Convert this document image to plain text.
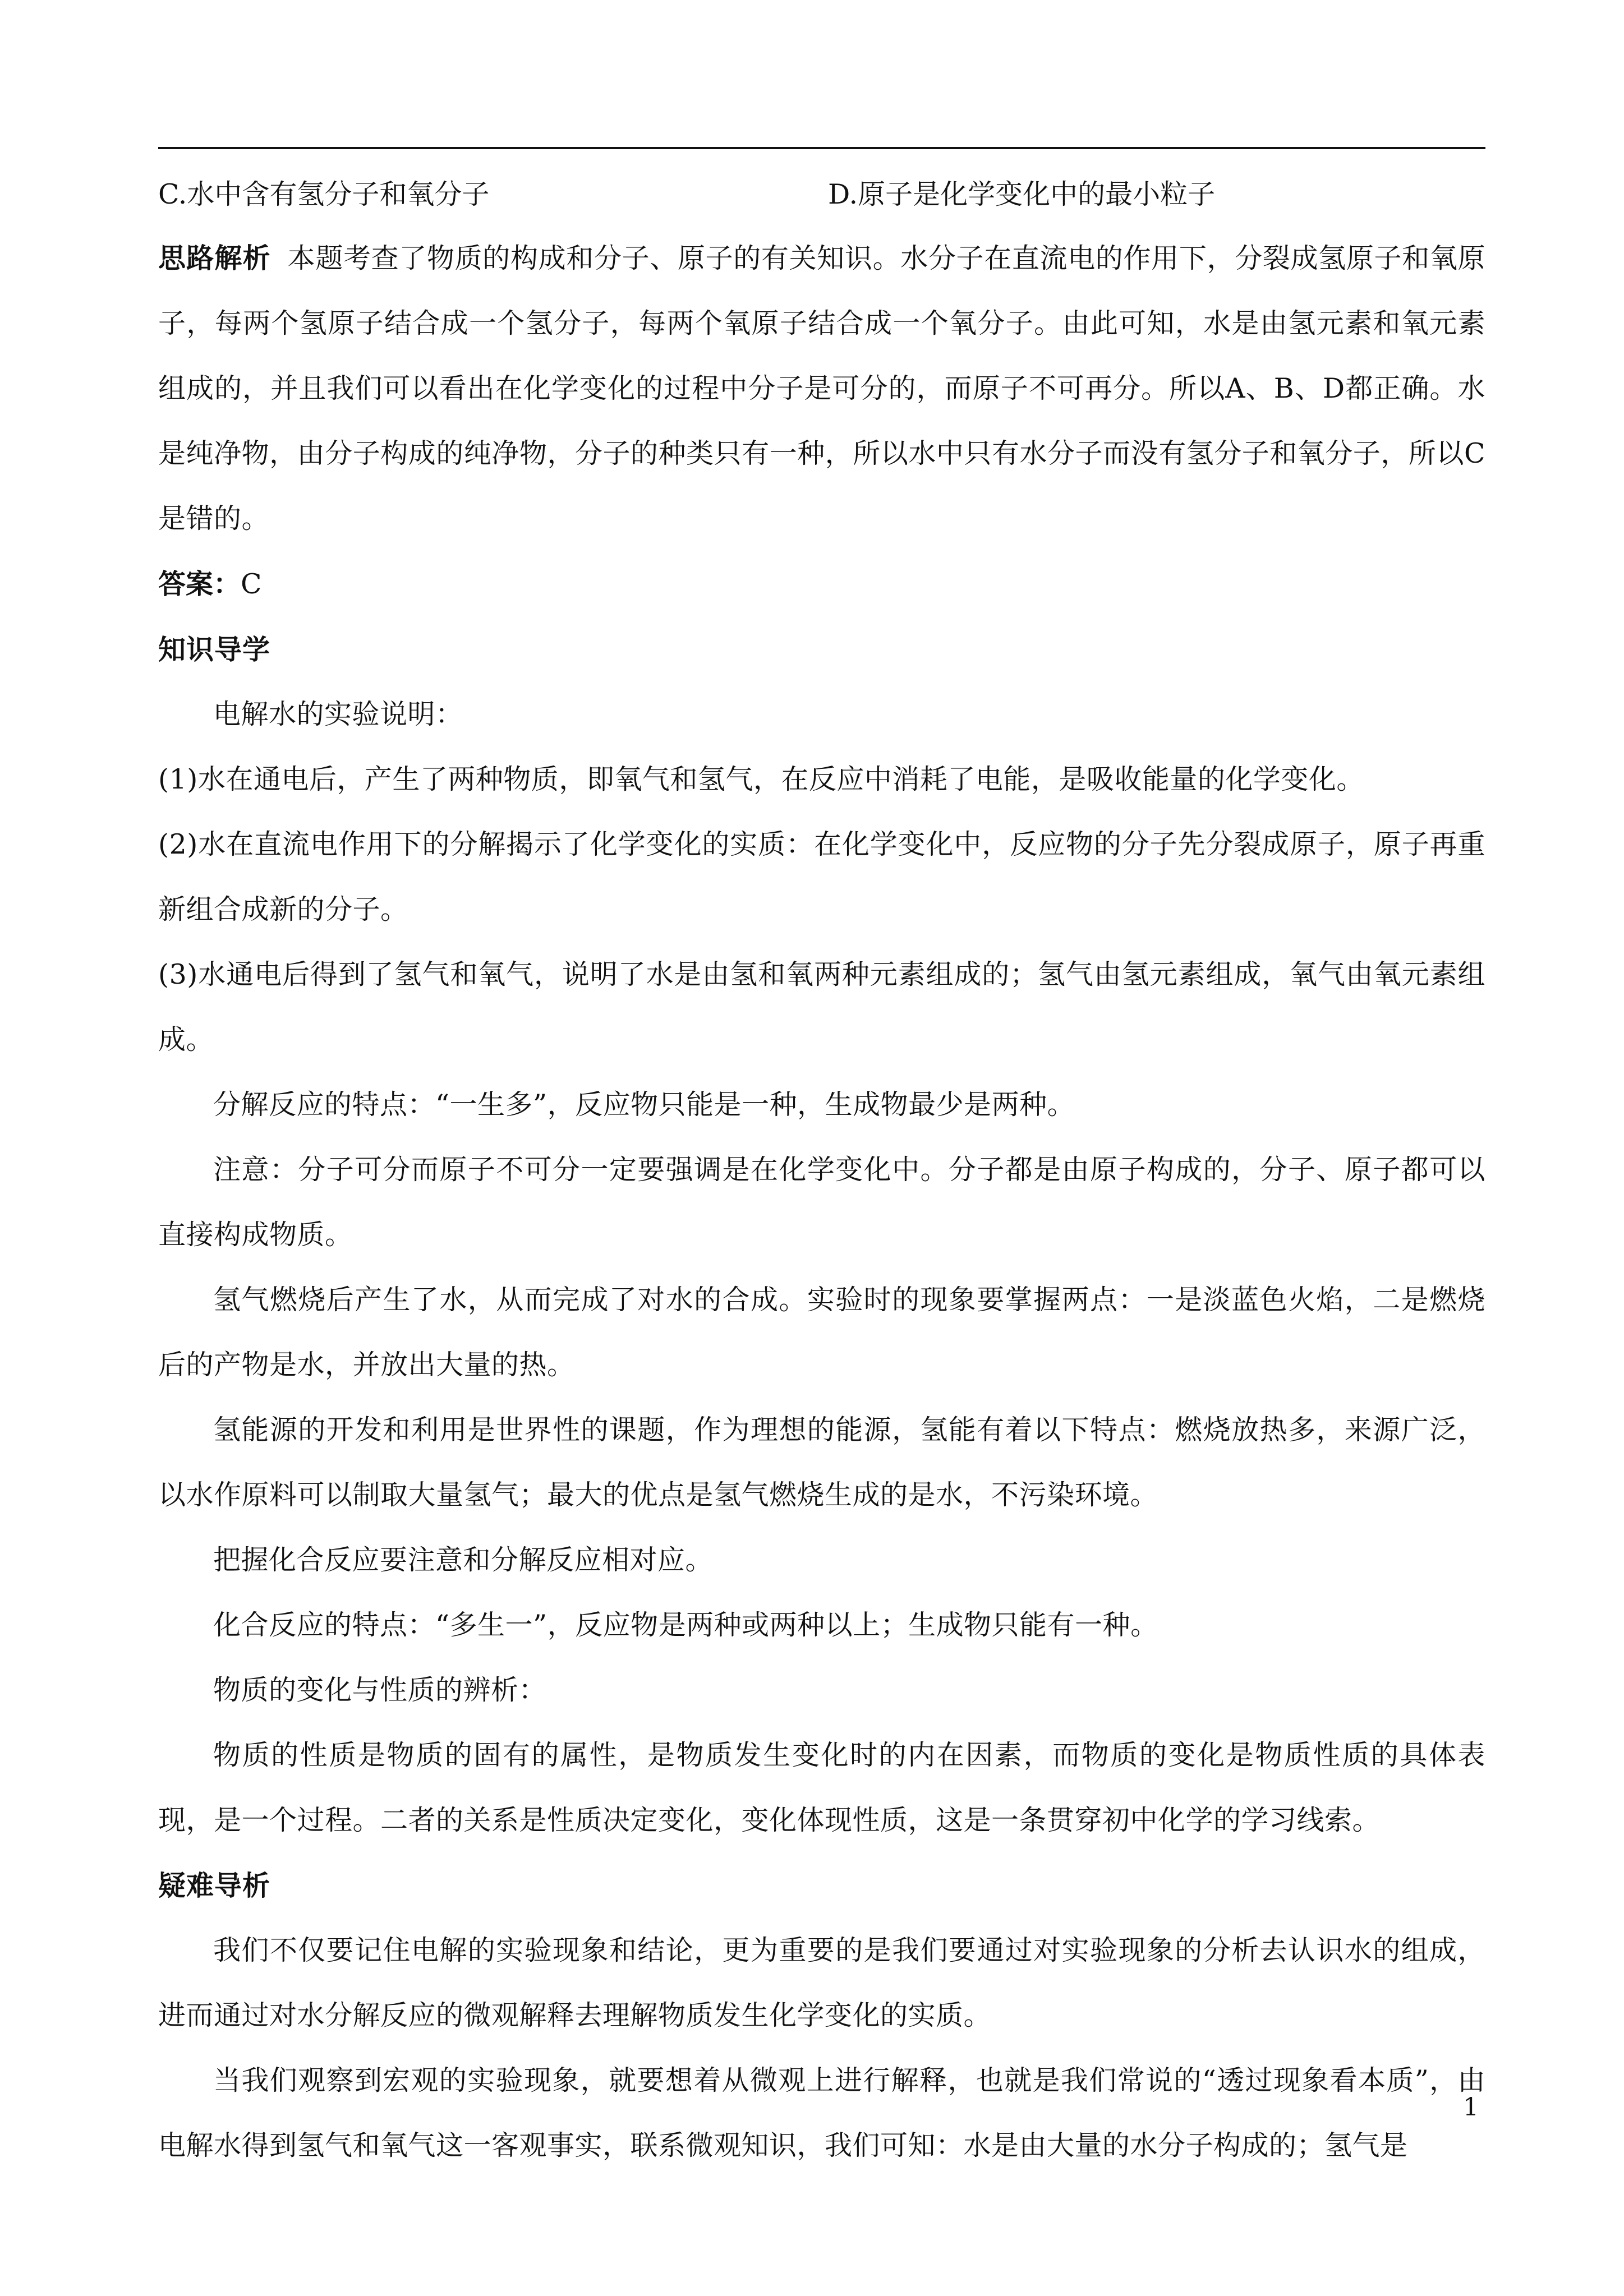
C.水中含有氢分子和氧分子	D.原子是化学变化中的最小粒子

思路解析 本题考查了物质的构成和分子、原子的有关知识。水分子在直流电的作用下，分裂成氢原子和氧原子，每两个氢原子结合成一个氢分子，每两个氧原子结合成一个氧分子。由此可知，水是由氢元素和氧元素组成的，并且我们可以看出在化学变化的过程中分子是可分的，而原子不可再分。所以A、B、D都正确。水是纯净物，由分子构成的纯净物，分子的种类只有一种，所以水中只有水分子而没有氢分子和氧分子，所以C是错的。

答案：C

知识导学

电解水的实验说明：

(1)水在通电后，产生了两种物质，即氧气和氢气，在反应中消耗了电能，是吸收能量的化学变化。

(2)水在直流电作用下的分解揭示了化学变化的实质：在化学变化中，反应物的分子先分裂成原子，原子再重新组合成新的分子。

(3)水通电后得到了氢气和氧气，说明了水是由氢和氧两种元素组成的；氢气由氢元素组成，氧气由氧元素组成。

分解反应的特点：“一生多”，反应物只能是一种，生成物最少是两种。

注意：分子可分而原子不可分一定要强调是在化学变化中。分子都是由原子构成的，分子、原子都可以直接构成物质。

氢气燃烧后产生了水，从而完成了对水的合成。实验时的现象要掌握两点：一是淡蓝色火焰，二是燃烧后的产物是水，并放出大量的热。

氢能源的开发和利用是世界性的课题，作为理想的能源，氢能有着以下特点：燃烧放热多，来源广泛，以水作原料可以制取大量氢气；最大的优点是氢气燃烧生成的是水，不污染环境。

把握化合反应要注意和分解反应相对应。

化合反应的特点：“多生一”，反应物是两种或两种以上；生成物只能有一种。

物质的变化与性质的辨析：

物质的性质是物质的固有的属性，是物质发生变化时的内在因素，而物质的变化是物质性质的具体表现，是一个过程。二者的关系是性质决定变化，变化体现性质，这是一条贯穿初中化学的学习线索。

疑难导析

我们不仅要记住电解的实验现象和结论，更为重要的是我们要通过对实验现象的分析去认识水的组成，进而通过对水分解反应的微观解释去理解物质发生化学变化的实质。

当我们观察到宏观的实验现象，就要想着从微观上进行解释，也就是我们常说的“透过现象看本质”，由电解水得到氢气和氧气这一客观事实，联系微观知识，我们可知：水是由大量的水分子构成的；氢气是

1
